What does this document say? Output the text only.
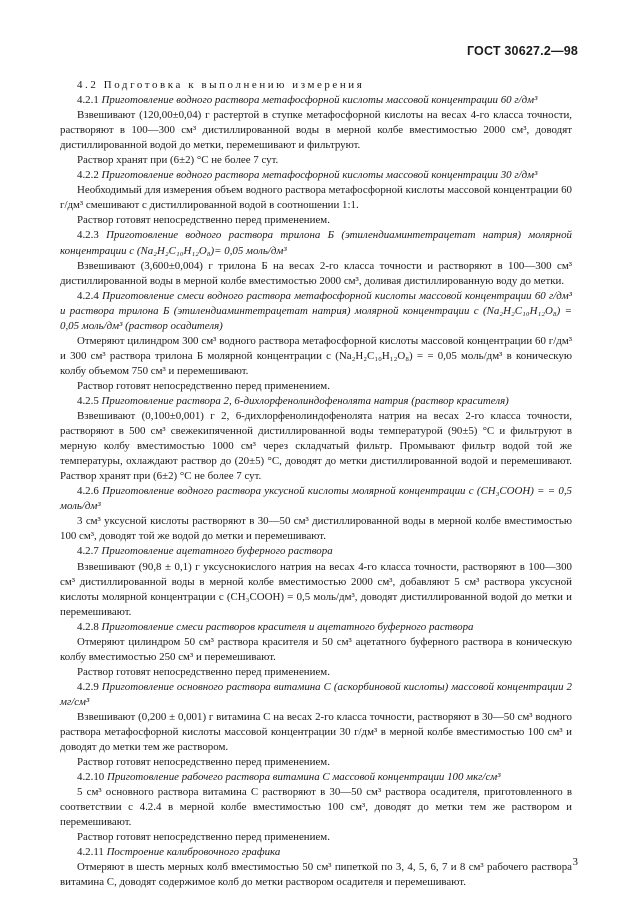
ГОСТ 30627.2—98

4.2 Подготовка к выполнению измерения

4.2.1 Приготовление водного раствора метафосфорной кислоты массовой концентрации 60 г/дм³

Взвешивают (120,00±0,04) г растертой в ступке метафосфорной кислоты на весах 4-го класса точности, растворяют в 100—300 см³ дистиллированной воды в мерной колбе вместимостью 2000 см³, доводят дистиллированной водой до метки, перемешивают и фильтруют.

Раствор хранят при (6±2) °С не более 7 сут.

4.2.2 Приготовление водного раствора метафосфорной кислоты массовой концентрации 30 г/дм³

Необходимый для измерения объем водного раствора метафосфорной кислоты массовой концентрации 60 г/дм³ смешивают с дистиллированной водой в соотношении 1:1.

Раствор готовят непосредственно перед применением.

4.2.3 Приготовление водного раствора трилона Б (этилендиаминтетрацетат натрия) молярной концентрации с (Na₂H₂C₁₀H₁₂O₈)= 0,05 моль/дм³

Взвешивают (3,600±0,004) г трилона Б на весах 2-го класса точности и растворяют в 100—300 см³ дистиллированной воды в мерной колбе вместимостью 2000 см³, доливая дистиллированную воду до метки.

4.2.4 Приготовление смеси водного раствора метафосфорной кислоты массовой концентрации 60 г/дм³ и раствора трилона Б (этилендиаминтетрацетат натрия) молярной концентрации с (Na₂H₂C₁₀H₁₂O₈) = 0,05 моль/дм³ (раствор осадителя)

Отмеряют цилиндром 300 см³ водного раствора метафосфорной кислоты массовой концентрации 60 г/дм³ и 300 см³ раствора трилона Б молярной концентрации с (Na₂H₂C₁₀H₁₂O₈) = = 0,05 моль/дм³ в коническую колбу объемом 750 см³ и перемешивают.

Раствор готовят непосредственно перед применением.

4.2.5 Приготовление раствора 2, 6-дихлорфенолиндофенолята натрия (раствор красителя)

Взвешивают (0,100±0,001) г 2, 6-дихлорфенолиндофенолята натрия на весах 2-го класса точности, растворяют в 500 см³ свежекипяченной дистиллированной воды температурой (90±5) °С и фильтруют в мерную колбу вместимостью 1000 см³ через складчатый фильтр. Промывают фильтр водой той же температуры, охлаждают раствор до (20±5) °С, доводят до метки дистиллированной водой и перемешивают. Раствор хранят при (6±2) °С не более 7 сут.

4.2.6 Приготовление водного раствора уксусной кислоты молярной концентрации с (СН₃СООН) = = 0,5 моль/дм³

3 см³ уксусной кислоты растворяют в 30—50 см³ дистиллированной воды в мерной колбе вместимостью 100 см³, доводят той же водой до метки и перемешивают.

4.2.7 Приготовление ацетатного буферного раствора

Взвешивают (90,8 ± 0,1) г уксуснокислого натрия на весах 4-го класса точности, растворяют в 100—300 см³ дистиллированной воды в мерной колбе вместимостью 2000 см³, добавляют 5 см³ раствора уксусной кислоты молярной концентрации с (СН₃СООН) = 0,5 моль/дм³, доводят дистиллированной водой до метки и перемешивают.

4.2.8 Приготовление смеси растворов красителя и ацетатного буферного раствора

Отмеряют цилиндром 50 см³ раствора красителя и 50 см³ ацетатного буферного раствора в коническую колбу вместимостью 250 см³ и перемешивают.

Раствор готовят непосредственно перед применением.

4.2.9 Приготовление основного раствора витамина С (аскорбиновой кислоты) массовой концентрации 2 мг/см³

Взвешивают (0,200 ± 0,001) г витамина С на весах 2-го класса точности, растворяют в 30—50 см³ водного раствора метафосфорной кислоты массовой концентрации 30 г/дм³ в мерной колбе вместимостью 100 см³ и доводят до метки тем же раствором.

Раствор готовят непосредственно перед применением.

4.2.10 Приготовление рабочего раствора витамина С массовой концентрации 100 мкг/см³

5 см³ основного раствора витамина С растворяют в 30—50 см³ раствора осадителя, приготовленного в соответствии с 4.2.4 в мерной колбе вместимостью 100 см³, доводят до метки тем же раствором и перемешивают.

Раствор готовят непосредственно перед применением.

4.2.11 Построение калибровочного графика

Отмеряют в шесть мерных колб вместимостью 50 см³ пипеткой по 3, 4, 5, 6, 7 и 8 см³ рабочего раствора витамина С, доводят содержимое колб до метки раствором осадителя и перемешивают.

3
